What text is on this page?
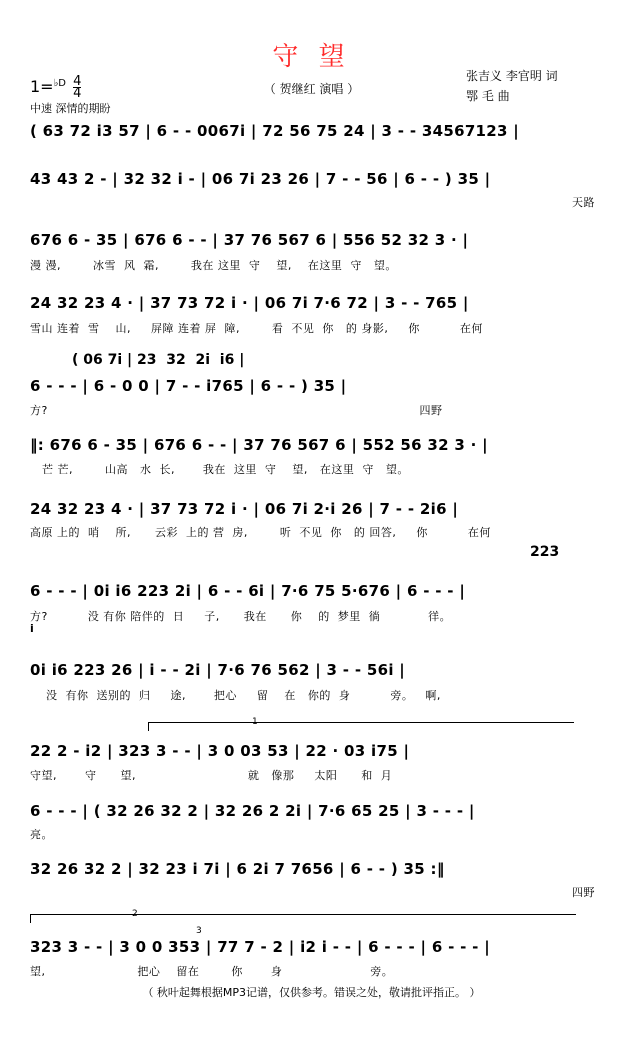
守 望
（ 贺继红 演唱 ）
张吉义 李官明 词
鄂 毛 曲
$1=^{♭D} \frac{4}{4}$
中速 深情的期盼
( 63 72 i3 57 | 6 - - 0067i | 72 56 75 24 | 3 - - 34567123 |
43 43 2 - | 32 32 i - | 06 7i 23 26 | 7 - - 56 | 6 - - ) 35 |
天路
676 6 - 35 | 676 6 - - | 37 76 567 6 | 556 52 32 3 · |
漫 漫,        冰雪  风  霜,        我在 这里  守    望,    在这里  守   望。
24 32 23 4 · | 37 73 72 i · | 06 7i 7·6 72 | 3 - - 765 |
雪山 连着  雪    山,     屏障 连着 屏  障,        看  不见  你   的 身影,     你          在何
( 06 7i | 23  32  2i  i6 |
6 - - - | 6 - 0 0 | 7 - - i765 | 6 - - ) 35 |
方?                                                                                             四野
‖: 676 6 - 35 | 676 6 - - | 37 76 567 6 | 552 56 32 3 · |
芒 芒,        山高   水  长,       我在  这里  守    望,   在这里  守   望。
24 32 23 4 · | 37 73 72 i · | 06 7i 2·i 26 | 7 - - 2i6 |
高原 上的  哨    所,      云彩  上的 营  房,        听  不见  你   的 回答,     你          在何
223
6 - - - | 0i i6 223 2i | 6 - - 6i | 7·6 75 5·676 | 6 - - - |
方?          没 有你 陪伴的  日     子,      我在      你    的  梦里  徜            徉。
i
0i i6 223 26 | i - - 2i | 7·6 76 562 | 3 - - 56i |
没  有你  送别的  归     途,       把心     留    在   你的  身          旁。   啊,
1
22 2 - i2 | 323 3 - - | 3 0 03 53 | 22 · 03 i75 |
守望,       守      望,                            就   像那     太阳      和  月
6 - - - | ( 32 26 32 2 | 32 26 2 2i | 7·6 65 25 | 3 - - - |
亮。
32 26 32 2 | 32 23 i 7i | 6 2i 7 7656 | 6 - - ) 35 :‖
四野
2
3
323 3 - - | 3 0 0 353 | 77 7 - 2 | i2 i - - | 6 - - - | 6 - - - |
望,                       把心    留在        你       身                      旁。
（ 秋叶起舞根据MP3记谱，仅供参考。错误之处，敬请批评指正。 ）
